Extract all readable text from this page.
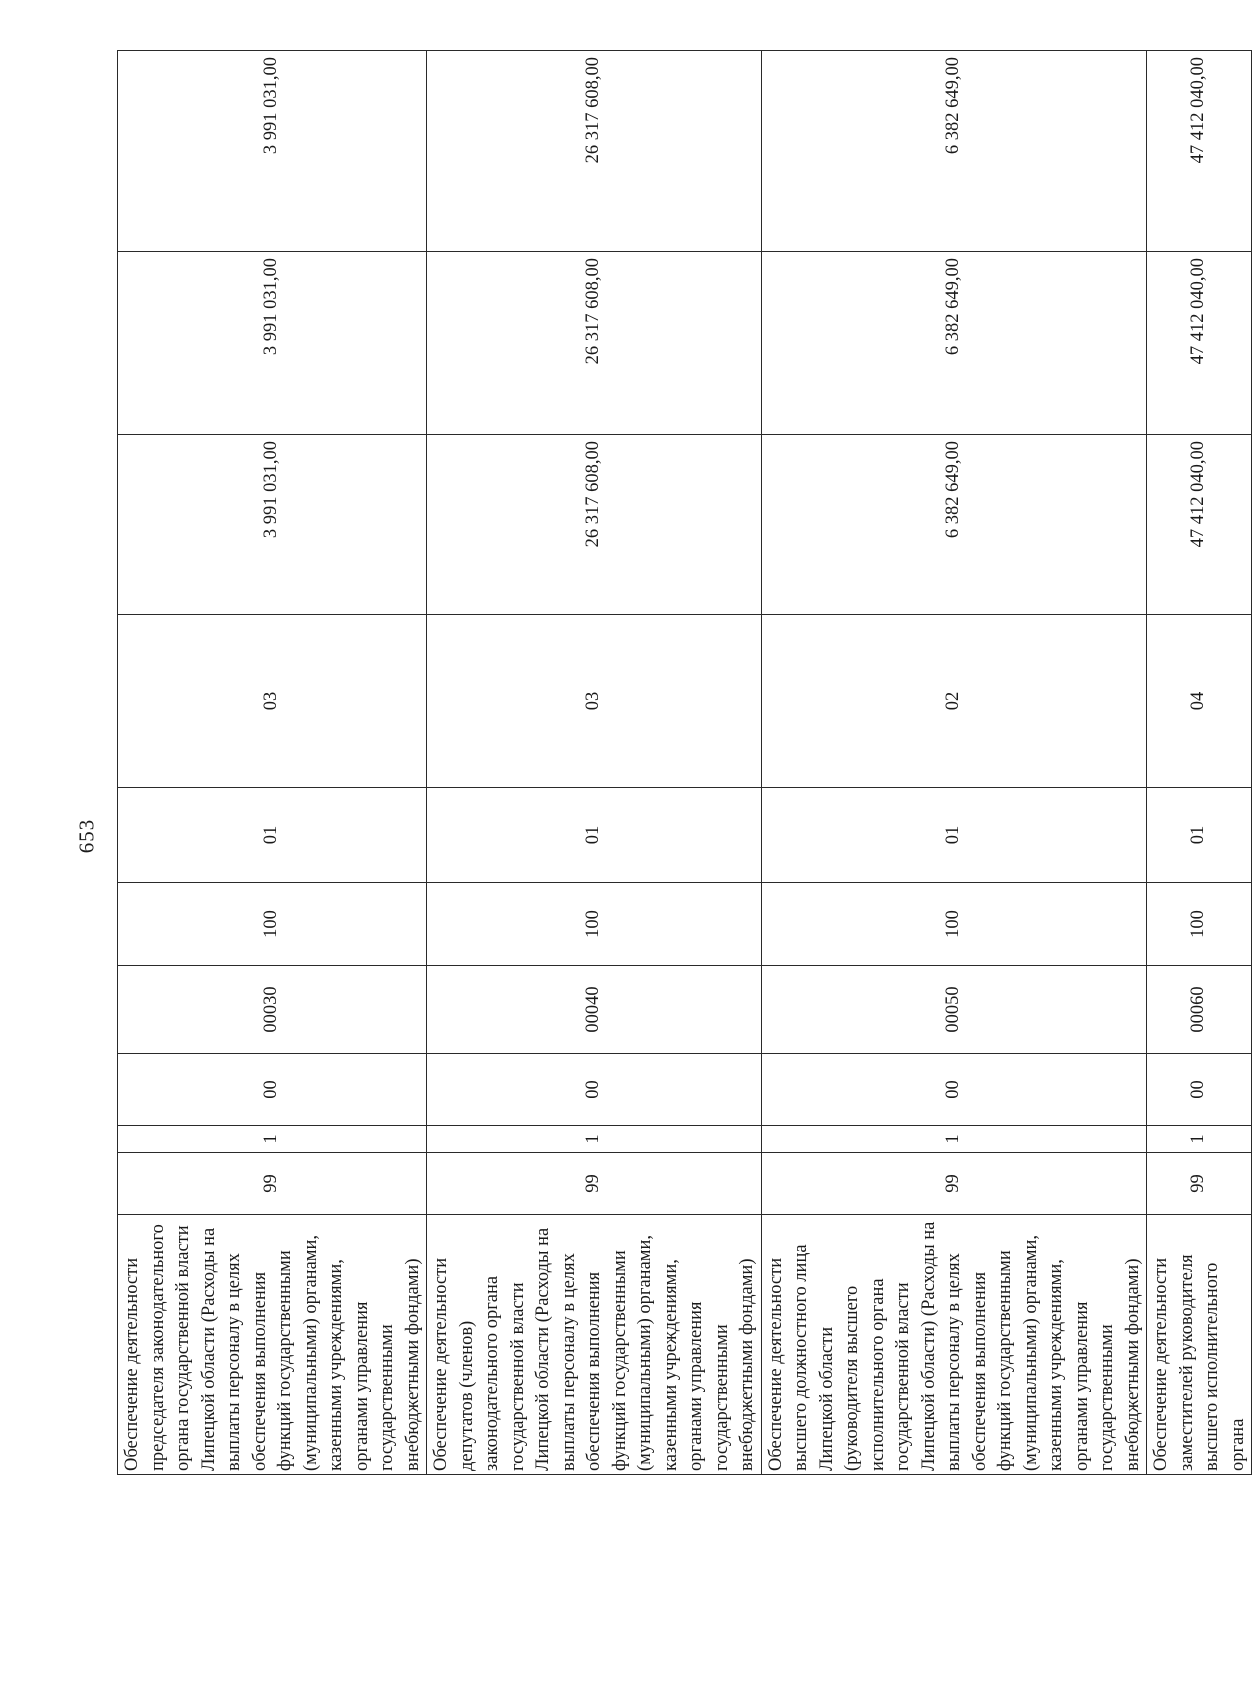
653
Обеспечение деятельности председателя законодательного органа государственной власти Липецкой области (Расходы на выплаты персоналу в целях обеспечения выполнения функций государственными (муниципальными) органами, казенными учреждениями, органами управления государственными внебюджетными фондами)	99	1	00	00030	100	01	03	3 991 031,00	3 991 031,00	3 991 031,00
Обеспечение деятельности депутатов (членов) законодательного органа государственной власти Липецкой области (Расходы на выплаты персоналу в целях обеспечения выполнения функций государственными (муниципальными) органами, казенными учреждениями, органами управления государственными внебюджетными фондами)	99	1	00	00040	100	01	03	26 317 608,00	26 317 608,00	26 317 608,00
Обеспечение деятельности высшего должностного лица Липецкой области (руководителя высшего исполнительного органа государственной власти Липецкой области) (Расходы на выплаты персоналу в целях обеспечения выполнения функций государственными (муниципальными) органами, казенными учреждениями, органами управления государственными внебюджетными фондами)	99	1	00	00050	100	01	02	6 382 649,00	6 382 649,00	6 382 649,00
Обеспечение деятельности заместителей руководителя высшего исполнительного органа	99	1	00	00060	100	01	04	47 412 040,00	47 412 040,00	47 412 040,00
